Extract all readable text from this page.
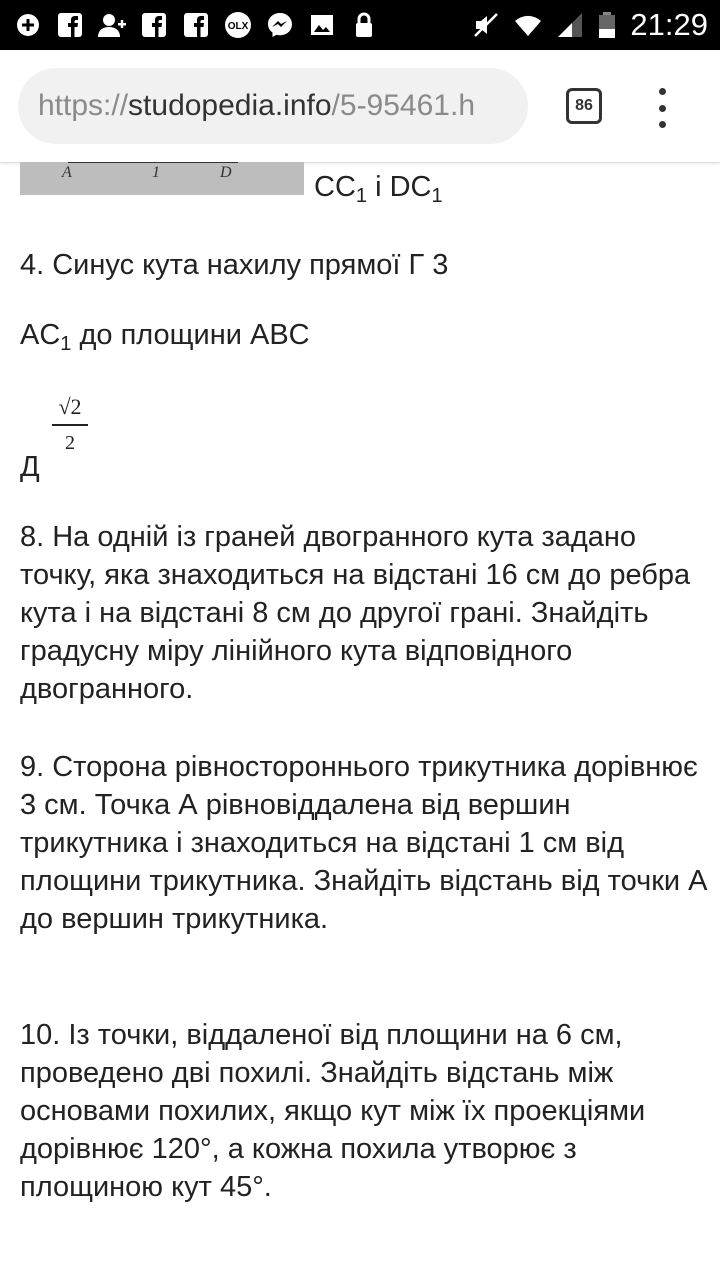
OLX	21:29
https://studopedia.info/5-95461.h	86
A	1	D	$CC_1$ і $DC_1$
4. Синус кута нахилу прямої Г 3
$AC_1$ до площини ABC
Д
√2
2
8. На одній із граней двогранного кута задано точку, яка знаходиться на відстані 16 см до ребра кута і на відстані 8 см до другої грані. Знайдіть градусну міру лінійного кута відповідного двогранного.
9. Сторона рівностороннього трикутника дорівнює 3 см. Точка А рівновіддалена від вершин трикутника і знаходиться на відстані 1 см від площини трикутника. Знайдіть відстань від точки А до вершин трикутника.
10. Із точки, віддаленої від площини на 6 см, проведено дві похилі. Знайдіть відстань між основами похилих, якщо кут між їх проекціями дорівнює 120°, а кожна похила утворює з площиною кут 45°.
